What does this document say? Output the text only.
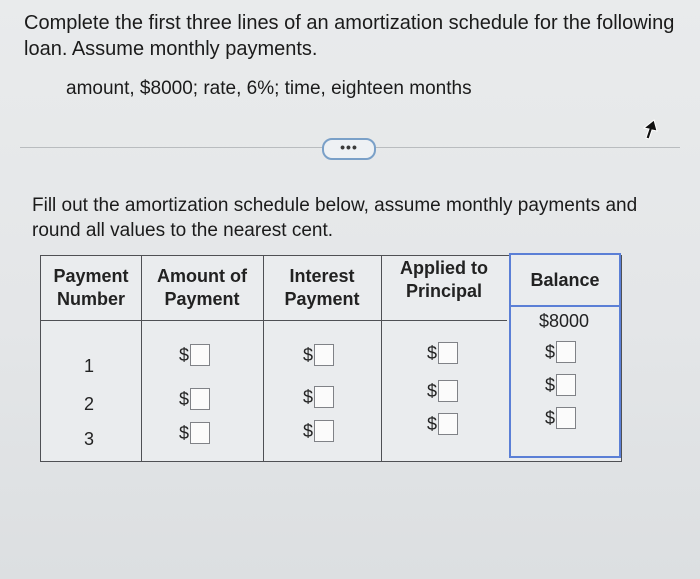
Complete the first three lines of an amortization schedule for the following loan. Assume monthly payments.
amount, $8000; rate, 6%; time, eighteen months
•••
Fill out the amortization schedule below, assume monthly payments and round all values to the nearest cent.
Payment
Number
Amount of
Payment
Interest
Payment
Applied to
Principal
Balance
$8000
$
$
$
1
2
3
$
$
$
$
$
$
$
$
$
